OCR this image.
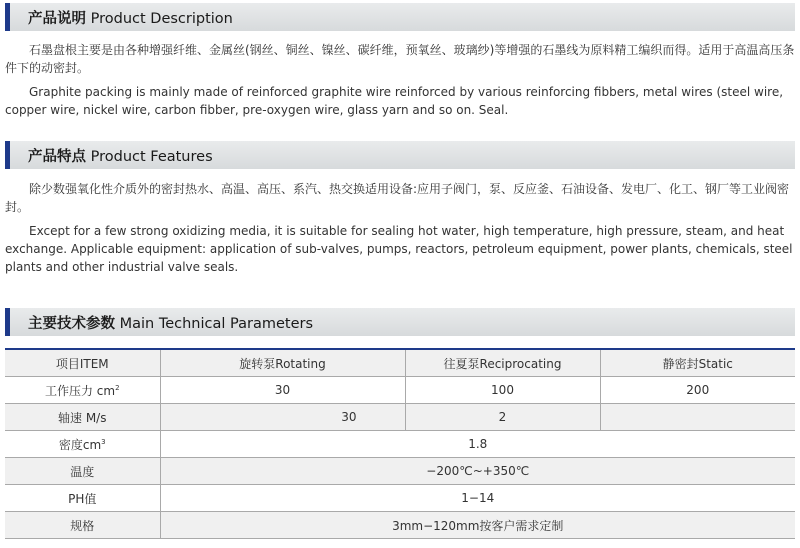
产品说明 Product Description

石墨盘根主要是由各种增强纤维、金属丝(钢丝、铜丝、镍丝、碳纤维，预氧丝、玻璃纱)等增强的石墨线为原料精工编织而得。适用于高温高压条件下的动密封。

Graphite packing is mainly made of reinforced graphite wire reinforced by various reinforcing fibbers, metal wires (steel wire, copper wire, nickel wire, carbon fibber, pre-oxygen wire, glass yarn and so on. Seal.

产品特点 Product Features

除少数强氧化性介质外的密封热水、高温、高压、系汽、热交换适用设备:应用子阀门，泵、反应釜、石油设备、发电厂、化工、钢厂等工业阀密封。

Except for a few strong oxidizing media, it is suitable for sealing hot water, high temperature, high pressure, steam, and heat exchange. Applicable equipment: application of sub-valves, pumps, reactors, petroleum equipment, power plants, chemicals, steel plants and other industrial valve seals.

主要技术参数 Main Technical Parameters
项目ITEM	旋转泵Rotating	往夏泵Reciprocating	静密封Static
工作压力 $cm^2$	30	100	200
轴速 M/s	30	2	
密度$cm^3$	1.8		
温度	−200℃~+350℃		
PH值	1−14		
规格	3mm−120mm按客户需求定制		
